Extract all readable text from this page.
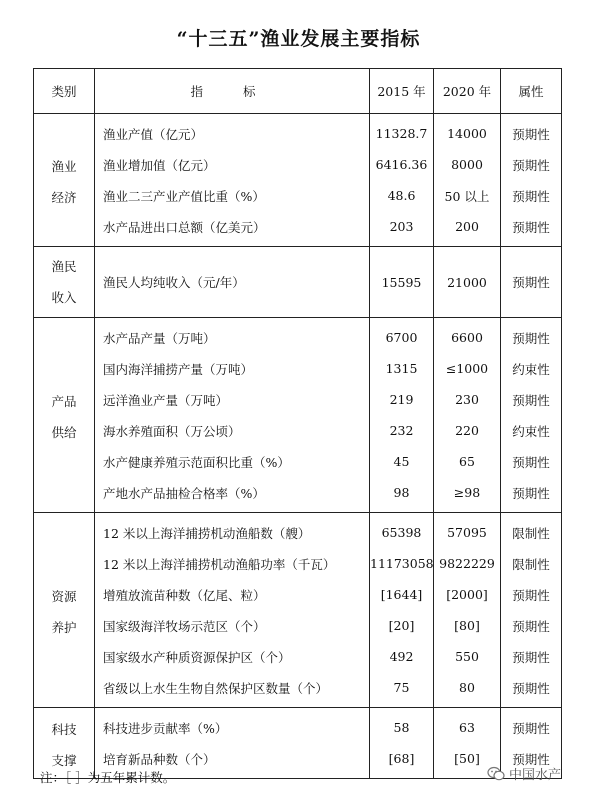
“十三五”渔业发展主要指标
类别	指 标	2015 年	2020 年	属性

渔业
经济	渔业产值（亿元）	11328.7	14000	预期性
	渔业增加值（亿元）	6416.36	8000	预期性
	渔业二三产业产值比重（%）	48.6	50 以上	预期性
	水产品进出口总额（亿美元）	203	200	预期性

渔民
收入	渔民人均纯收入（元/年）	15595	21000	预期性

产品
供给	水产品产量（万吨）	6700	6600	预期性
	国内海洋捕捞产量（万吨）	1315	≤1000	约束性
	远洋渔业产量（万吨）	219	230	预期性
	海水养殖面积（万公顷）	232	220	约束性
	水产健康养殖示范面积比重（%）	45	65	预期性
	产地水产品抽检合格率（%）	98	≥98	预期性

资源
养护	12 米以上海洋捕捞机动渔船数（艘）	65398	57095	限制性
	12 米以上海洋捕捞机动渔船功率（千瓦）	11173058	9822229	限制性
	增殖放流苗种数（亿尾、粒）	[1644]	[2000]	预期性
	国家级海洋牧场示范区（个）	[20]	[80]	预期性
	国家级水产种质资源保护区（个）	492	550	预期性
	省级以上水生生物自然保护区数量（个）	75	80	预期性

科技
支撑	科技进步贡献率（%）	58	63	预期性
	培育新品种数（个）	[68]	[50]	预期性
注：［ ］为五年累计数。	中国水产
